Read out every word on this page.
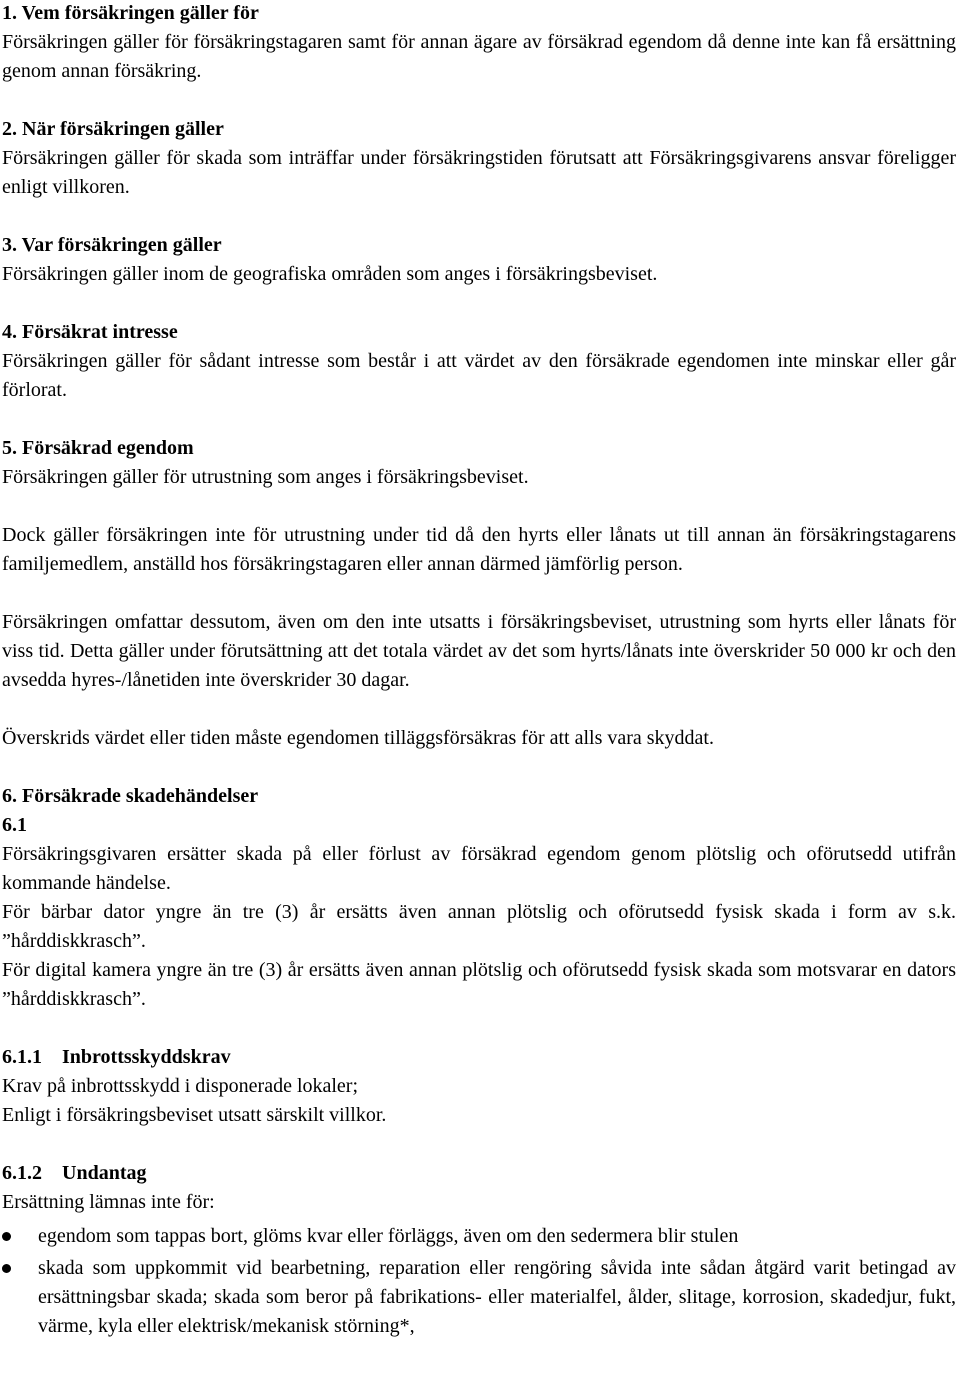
1. Vem försäkringen gäller för

Försäkringen gäller för försäkringstagaren samt för annan ägare av försäkrad egendom då denne inte kan få ersättning genom annan försäkring.

2. När försäkringen gäller

Försäkringen gäller för skada som inträffar under försäkringstiden förutsatt att Försäkringsgivarens ansvar föreligger enligt villkoren.

3. Var försäkringen gäller

Försäkringen gäller inom de geografiska områden som anges i försäkringsbeviset.

4. Försäkrat intresse

Försäkringen gäller för sådant intresse som består i att värdet av den försäkrade egendomen inte minskar eller går förlorat.

5. Försäkrad egendom

Försäkringen gäller för utrustning som anges i försäkringsbeviset.

Dock gäller försäkringen inte för utrustning under tid då den hyrts eller lånats ut till annan än försäkringstagarens familjemedlem, anställd hos försäkringstagaren eller annan därmed jämförlig person.

Försäkringen omfattar dessutom, även om den inte utsatts i försäkringsbeviset, utrustning som hyrts eller lånats för viss tid. Detta gäller under förutsättning att det totala värdet av det som hyrts/lånats inte överskrider 50 000 kr och den avsedda hyres-/lånetiden inte överskrider 30 dagar.

Överskrids värdet eller tiden måste egendomen tilläggsförsäkras för att alls vara skyddat.

6. Försäkrade skadehändelser
6.1

Försäkringsgivaren ersätter skada på eller förlust av försäkrad egendom genom plötslig och oförutsedd utifrån kommande händelse.

För bärbar dator yngre än tre (3) år ersätts även annan plötslig och oförutsedd fysisk skada i form av s.k. ”hårddiskkrasch”.

För digital kamera yngre än tre (3) år ersätts även annan plötslig och oförutsedd fysisk skada som motsvarar en dators ”hårddiskkrasch”.

6.1.1 Inbrottsskyddskrav

Krav på inbrottsskydd i disponerade lokaler;

Enligt i försäkringsbeviset utsatt särskilt villkor.

6.1.2 Undantag

Ersättning lämnas inte för:

egendom som tappas bort, glöms kvar eller förläggs, även om den sedermera blir stulen
skada som uppkommit vid bearbetning, reparation eller rengöring såvida inte sådan åtgärd varit betingad av ersättningsbar skada; skada som beror på fabrikations- eller materialfel, ålder, slitage, korrosion, skadedjur, fukt, värme, kyla eller elektrisk/mekanisk störning*,
